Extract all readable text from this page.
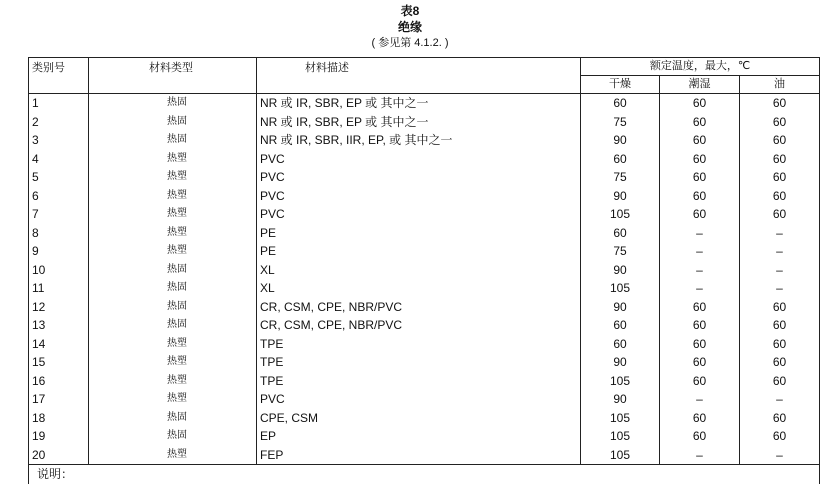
表8
绝缘
( 参见第 4.1.2. )
类别号	材料类型	材料描述	额定温度，最大，℃		
			干燥	潮湿	油
1	热固	NR 或 IR, SBR, EP 或 其中之一	60	60	60
2	热固	NR 或 IR, SBR, EP 或 其中之一	75	60	60
3	热固	NR 或 IR, SBR, IIR, EP, 或 其中之一	90	60	60
4	热塑	PVC	60	60	60
5	热塑	PVC	75	60	60
6	热塑	PVC	90	60	60
7	热塑	PVC	105	60	60
8	热塑	PE	60	–	–
9	热塑	PE	75	–	–
10	热固	XL	90	–	–
11	热固	XL	105	–	–
12	热固	CR, CSM, CPE, NBR/PVC	90	60	60
13	热固	CR, CSM, CPE, NBR/PVC	60	60	60
14	热塑	TPE	60	60	60
15	热塑	TPE	90	60	60
16	热塑	TPE	105	60	60
17	热塑	PVC	90	–	–
18	热固	CPE, CSM	105	60	60
19	热固	EP	105	60	60
20	热塑	FEP	105	–	–
说明：					
